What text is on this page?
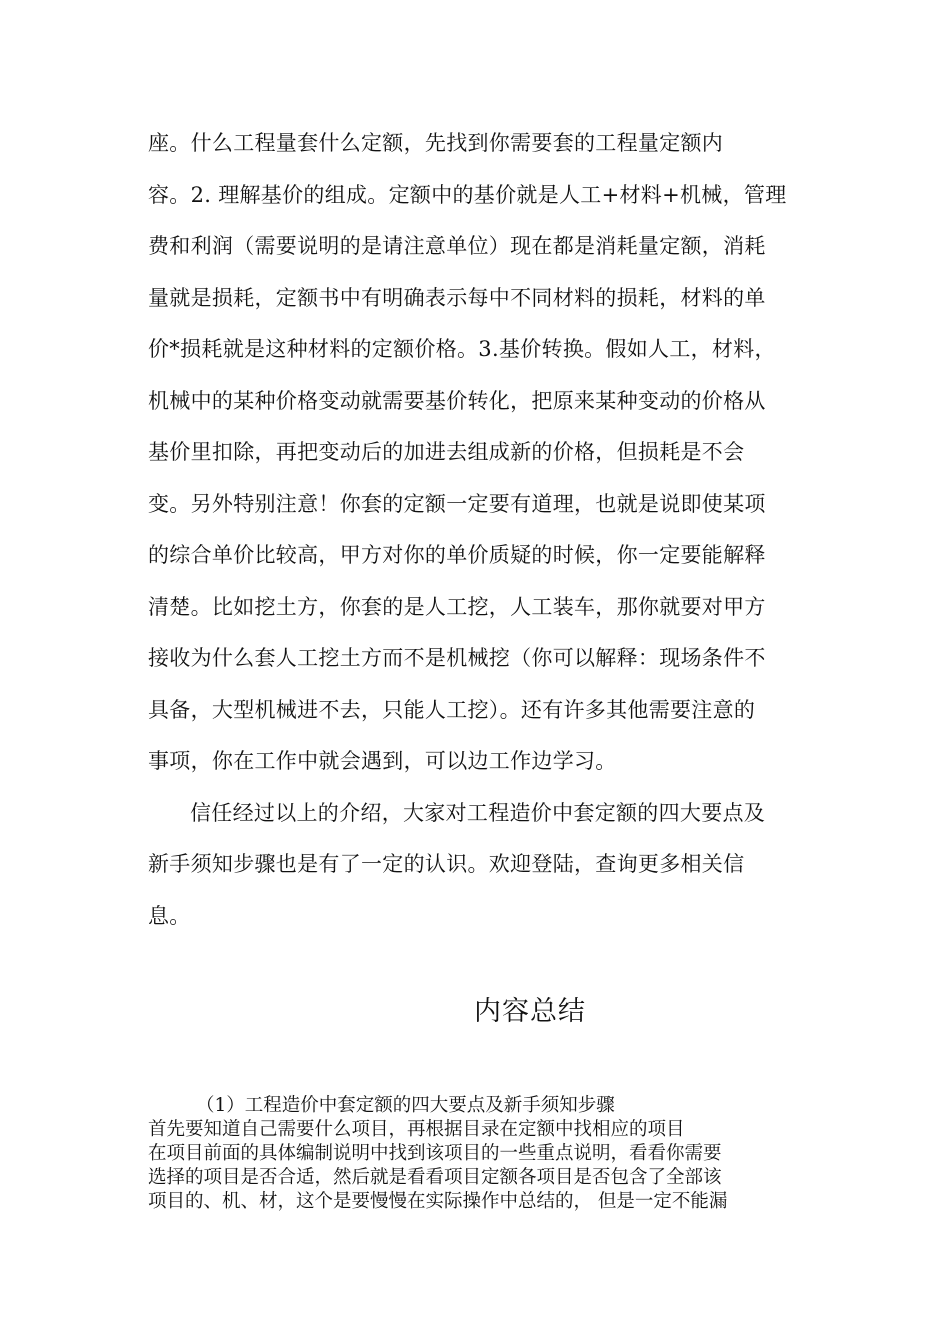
座。什么工程量套什么定额，先找到你需要套的工程量定额内
容。2. 理解基价的组成。定额中的基价就是人工+材料+机械，管理
费和利润（需要说明的是请注意单位）现在都是消耗量定额，消耗
量就是损耗，定额书中有明确表示每中不同材料的损耗，材料的单
价*损耗就是这种材料的定额价格。3.基价转换。假如人工，材料，
机械中的某种价格变动就需要基价转化，把原来某种变动的价格从
基价里扣除，再把变动后的加进去组成新的价格，但损耗是不会
变。另外特别注意！你套的定额一定要有道理，也就是说即使某项
的综合单价比较高，甲方对你的单价质疑的时候，你一定要能解释
清楚。比如挖土方，你套的是人工挖，人工装车，那你就要对甲方
接收为什么套人工挖土方而不是机械挖（你可以解释：现场条件不
具备，大型机械进不去，只能人工挖）。还有许多其他需要注意的
事项，你在工作中就会遇到，可以边工作边学习。
信任经过以上的介绍，大家对工程造价中套定额的四大要点及
新手须知步骤也是有了一定的认识。欢迎登陆，查询更多相关信
息。
内容总结
（1）工程造价中套定额的四大要点及新手须知步骤
首先要知道自己需要什么项目，再根据目录在定额中找相应的项目
在项目前面的具体编制说明中找到该项目的一些重点说明，看看你需要
选择的项目是否合适，然后就是看看项目定额各项目是否包含了全部该
项目的、机、材，这个是要慢慢在实际操作中总结的， 但是一定不能漏
